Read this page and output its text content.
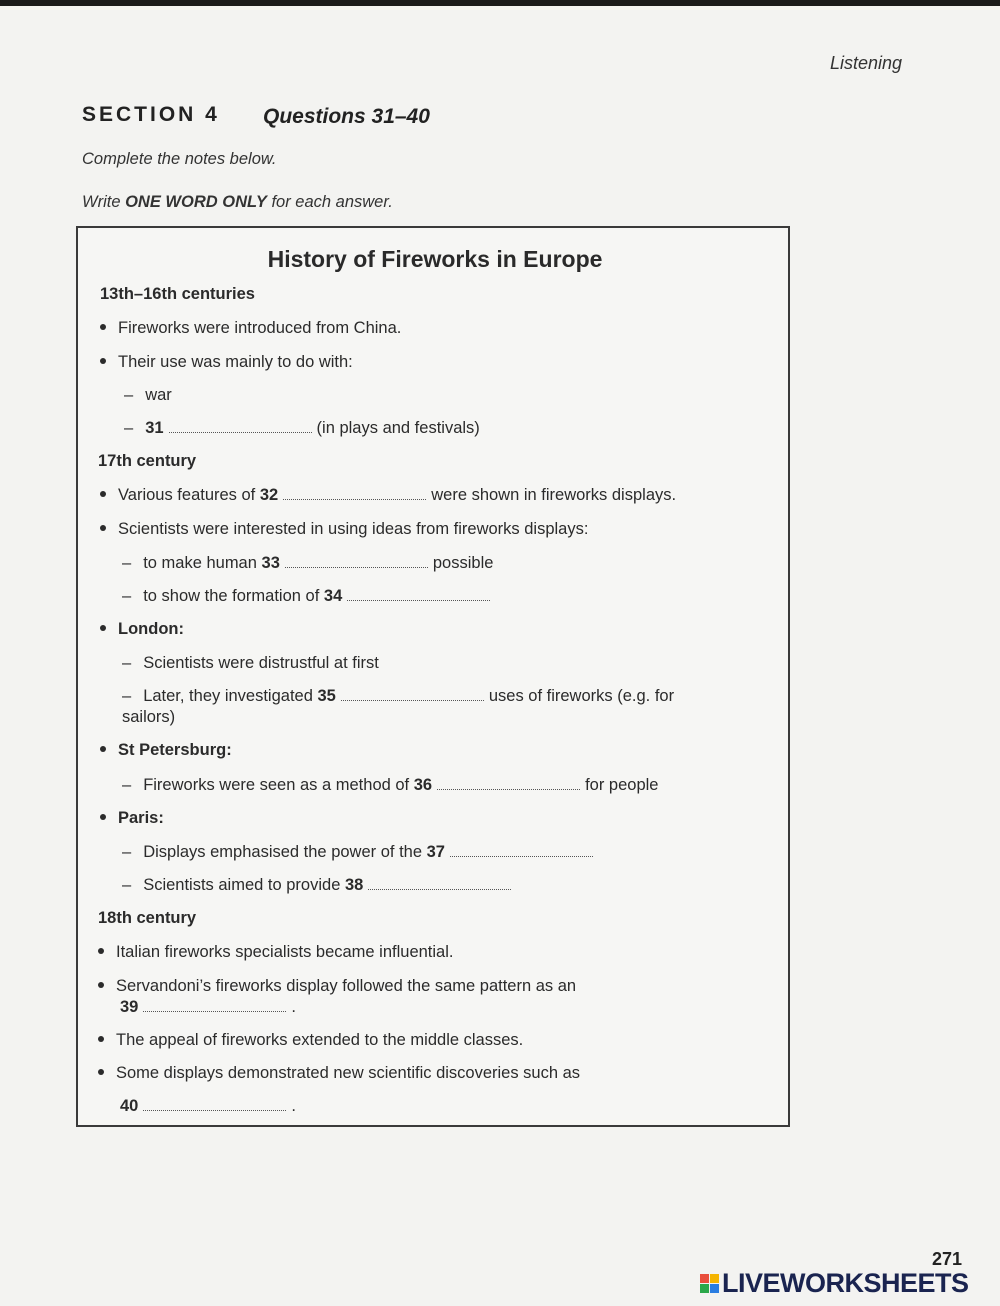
Listening
SECTION 4 Questions 31–40
Complete the notes below.
Write ONE WORD ONLY for each answer.
History of Fireworks in Europe
13th–16th centuries
Fireworks were introduced from China.
Their use was mainly to do with:
– war
– 31	(in plays and festivals)
17th century
Various features of 32	were shown in fireworks displays.
Scientists were interested in using ideas from fireworks displays:
– to make human 33	possible
– to show the formation of 34
London:
– Scientists were distrustful at first
– Later, they investigated 35	uses of fireworks (e.g. for
sailors)
St Petersburg:
– Fireworks were seen as a method of 36	for people
Paris:
– Displays emphasised the power of the 37
– Scientists aimed to provide 38
18th century
Italian fireworks specialists became influential.
Servandoni’s fireworks display followed the same pattern as an
39	.
The appeal of fireworks extended to the middle classes.
Some displays demonstrated new scientific discoveries such as
40	.
271
LIVEWORKSHEETS
